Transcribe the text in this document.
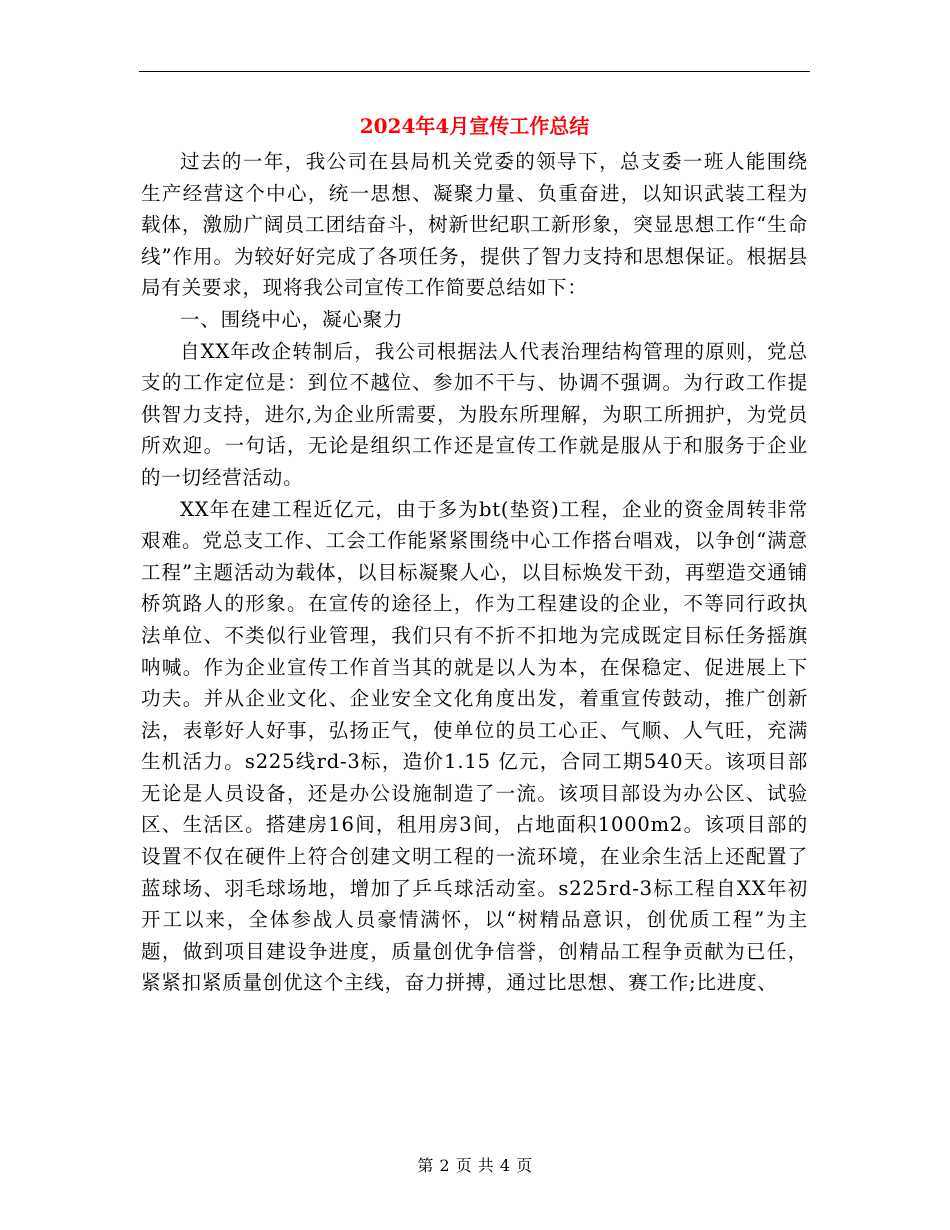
2024年4月宣传工作总结

过去的一年，我公司在县局机关党委的领导下，总支委一班人能围绕生产经营这个中心，统一思想、凝聚力量、负重奋进，以知识武装工程为载体，激励广阔员工团结奋斗，树新世纪职工新形象，突显思想工作“生命线”作用。为较好好完成了各项任务，提供了智力支持和思想保证。根据县局有关要求，现将我公司宣传工作简要总结如下：

一、围绕中心，凝心聚力

自XX年改企转制后，我公司根据法人代表治理结构管理的原则，党总支的工作定位是：到位不越位、参加不干与、协调不强调。为行政工作提供智力支持，进尔,为企业所需要，为股东所理解，为职工所拥护，为党员所欢迎。一句话，无论是组织工作还是宣传工作就是服从于和服务于企业的一切经营活动。

XX年在建工程近亿元，由于多为bt(垫资)工程，企业的资金周转非常艰难。党总支工作、工会工作能紧紧围绕中心工作搭台唱戏，以争创“满意工程”主题活动为载体，以目标凝聚人心，以目标焕发干劲，再塑造交通铺桥筑路人的形象。在宣传的途径上，作为工程建设的企业，不等同行政执法单位、不类似行业管理，我们只有不折不扣地为完成既定目标任务摇旗呐喊。作为企业宣传工作首当其的就是以人为本，在保稳定、促进展上下功夫。并从企业文化、企业安全文化角度出发，着重宣传鼓动，推广创新法，表彰好人好事，弘扬正气，使单位的员工心正、气顺、人气旺，充满生机活力。s225线rd-3标，造价1.15 亿元，合同工期540天。该项目部无论是人员设备，还是办公设施制造了一流。该项目部设为办公区、试验区、生活区。搭建房16间，租用房3间，占地面积1000m2。该项目部的设置不仅在硬件上符合创建文明工程的一流环境，在业余生活上还配置了蓝球场、羽毛球场地，增加了乒乓球活动室。s225rd-3标工程自XX年初开工以来，全体参战人员豪情满怀，以“树精品意识，创优质工程”为主题，做到项目建设争进度，质量创优争信誉，创精品工程争贡献为已任，紧紧扣紧质量创优这个主线，奋力拼搏，通过比思想、赛工作;比进度、

第 2 页 共 4 页
